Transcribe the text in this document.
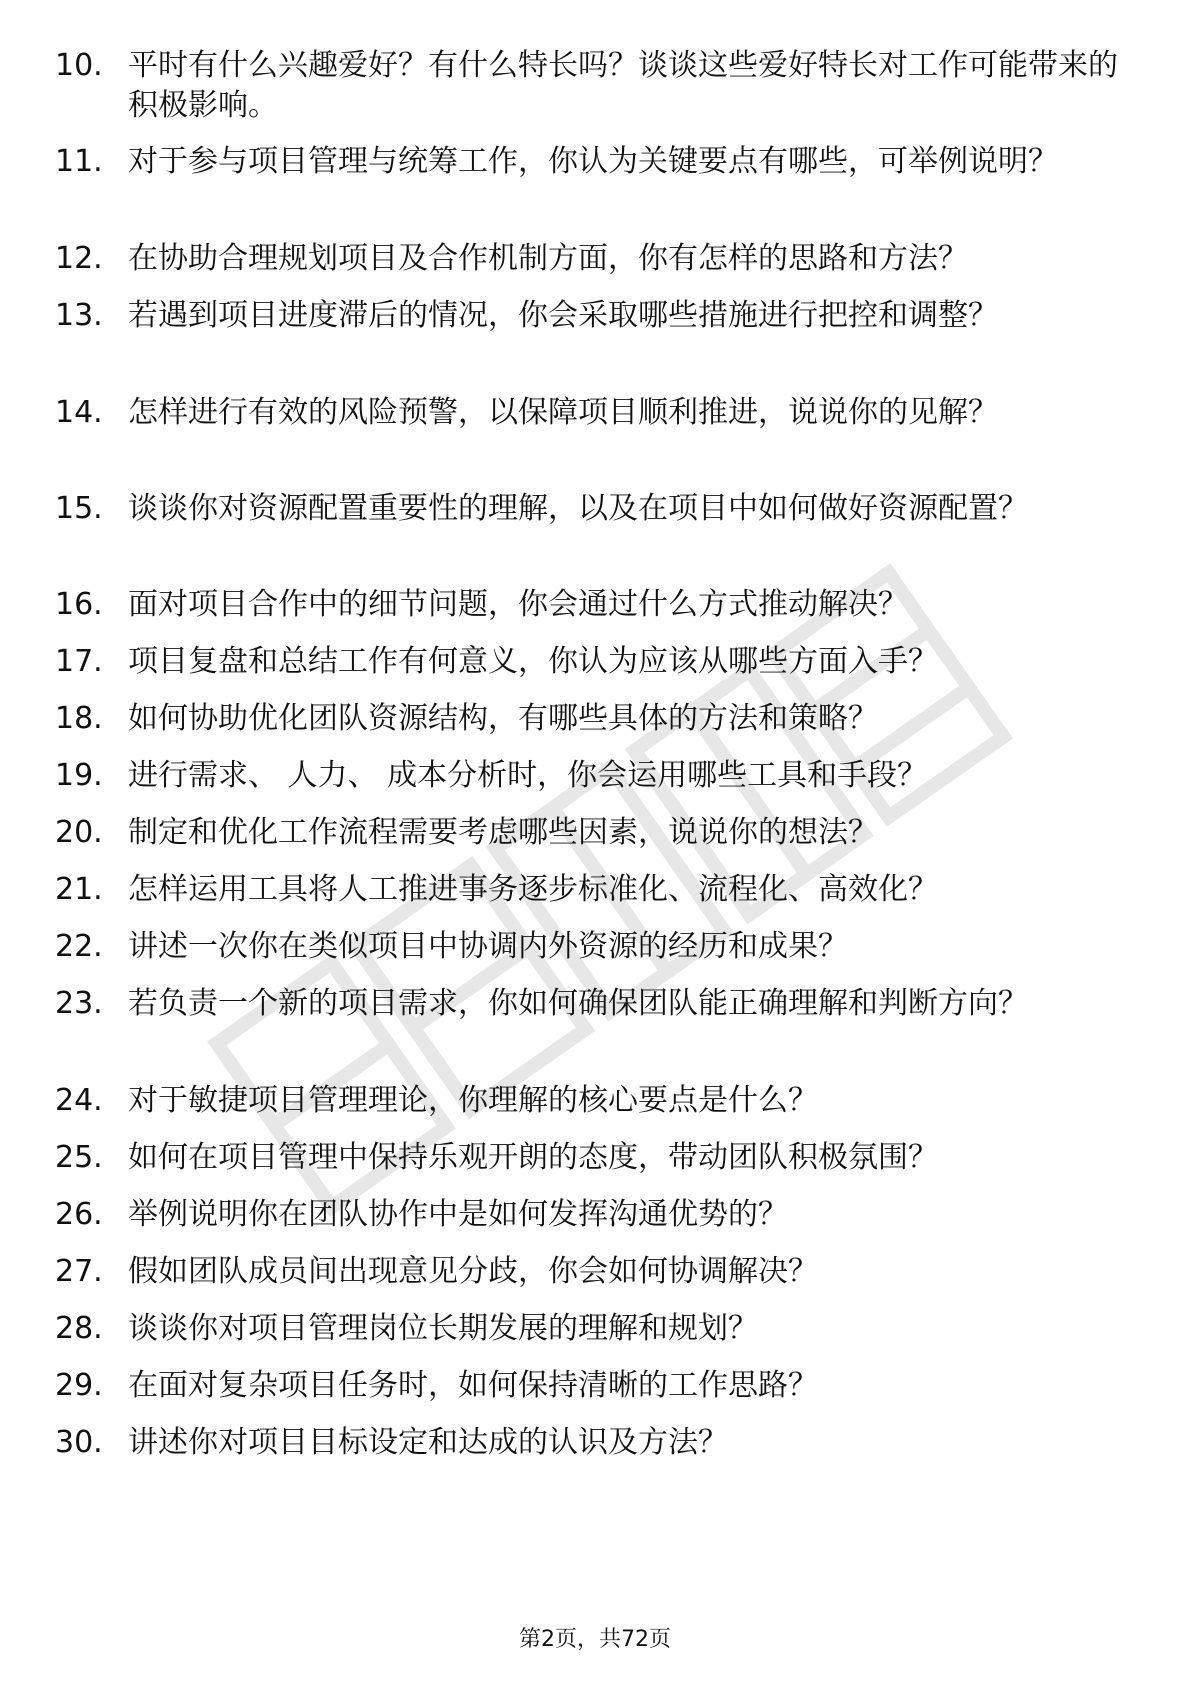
10. 平时有什么兴趣爱好？有什么特长吗？谈谈这些爱好特长对工作可能带来的积极影响。
11. 对于参与项目管理与统筹工作，你认为关键要点有哪些，可举例说明？
12. 在协助合理规划项目及合作机制方面，你有怎样的思路和方法？
13. 若遇到项目进度滞后的情况，你会采取哪些措施进行把控和调整？
14. 怎样进行有效的风险预警，以保障项目顺利推进，说说你的见解？
15. 谈谈你对资源配置重要性的理解，以及在项目中如何做好资源配置？
16. 面对项目合作中的细节问题，你会通过什么方式推动解决？
17. 项目复盘和总结工作有何意义，你认为应该从哪些方面入手？
18. 如何协助优化团队资源结构，有哪些具体的方法和策略？
19. 进行需求、 人力、 成本分析时，你会运用哪些工具和手段？
20. 制定和优化工作流程需要考虑哪些因素，说说你的想法？
21. 怎样运用工具将人工推进事务逐步标准化、流程化、高效化？
22. 讲述一次你在类似项目中协调内外资源的经历和成果？
23. 若负责一个新的项目需求，你如何确保团队能正确理解和判断方向？
24. 对于敏捷项目管理理论，你理解的核心要点是什么？
25. 如何在项目管理中保持乐观开朗的态度，带动团队积极氛围？
26. 举例说明你在团队协作中是如何发挥沟通优势的？
27. 假如团队成员间出现意见分歧，你会如何协调解决？
28. 谈谈你对项目管理岗位长期发展的理解和规划？
29. 在面对复杂项目任务时，如何保持清晰的工作思路？
30. 讲述你对项目目标设定和达成的认识及方法？
第2页，共72页
